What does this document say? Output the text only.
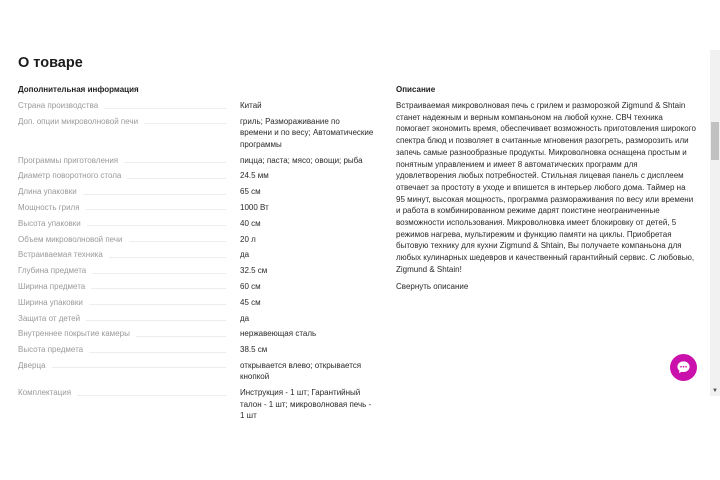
О товаре
Дополнительная информация
Страна производства	Китай
Доп. опции микроволновой печи	гриль; Размораживание по времени и по весу; Автоматические программы
Программы приготовления	пицца; паста; мясо; овощи; рыба
Диаметр поворотного стола	24.5 мм
Длина упаковки	65 см
Мощность гриля	1000 Вт
Высота упаковки	40 см
Объем микроволновой печи	20 л
Встраиваемая техника	да
Глубина предмета	32.5 см
Ширина предмета	60 см
Ширина упаковки	45 см
Защита от детей	да
Внутреннее покрытие камеры	нержавеющая сталь
Высота предмета	38.5 см
Дверца	открывается влево; открывается кнопкой
Комплектация	Инструкция - 1 шт; Гарантийный талон - 1 шт; микроволновая печь - 1 шт
Описание

Встраиваемая микроволновая печь с грилем и разморозкой Zigmund & Shtain станет надежным и верным компаньоном на любой кухне. СВЧ техника помогает экономить время, обеспечивает возможность приготовления широкого спектра блюд и позволяет в считанные мгновения разогреть, разморозить или запечь самые разнообразные продукты. Микроволновка оснащена простым и понятным управлением и имеет 8 автоматических программ для удовлетворения любых потребностей. Стильная лицевая панель с дисплеем отвечает за простоту в уходе и впишется в интерьер любого дома. Таймер на 95 минут, высокая мощность, программа размораживания по весу или времени и работа в комбинированном режиме дарят поистине неограниченные возможности использования. Микроволновка имеет блокировку от детей, 5 режимов нагрева, мультирежим и функцию памяти на циклы. Приобретая бытовую технику для кухни Zigmund & Shtain, Вы получаете компаньона для любых кулинарных шедевров и качественный гарантийный сервис. С любовью, Zigmund & Shtain!

Свернуть описание
▼
